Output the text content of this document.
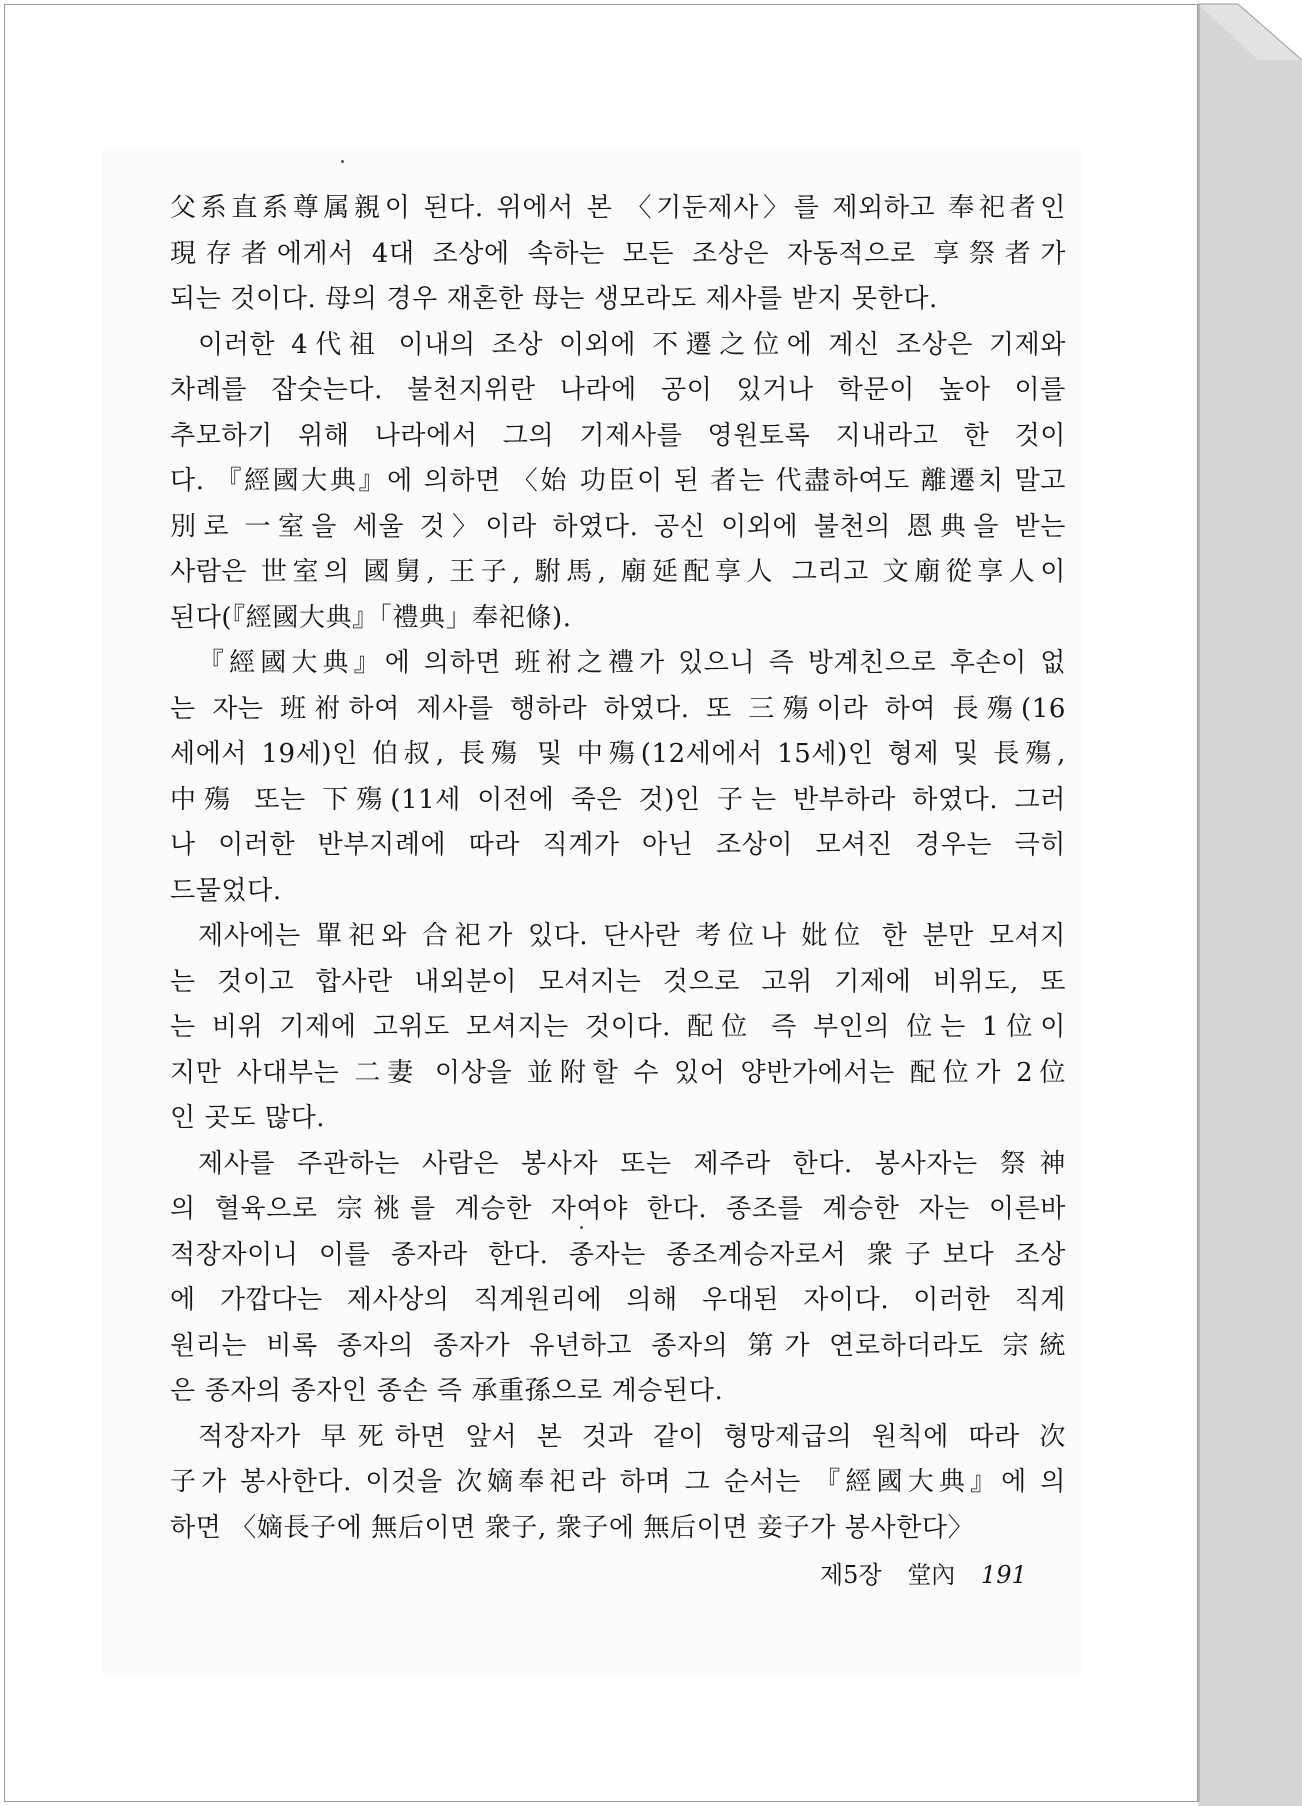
父系直系尊属親이 된다. 위에서 본 〈기둔제사〉를 제외하고 奉祀者인
現存者에게서 4대 조상에 속하는 모든 조상은 자동적으로 享祭者가
되는 것이다. 母의 경우 재혼한 母는 생모라도 제사를 받지 못한다.
이러한 4代祖 이내의 조상 이외에 不遷之位에 계신 조상은 기제와
차례를 잡숫는다. 불천지위란 나라에 공이 있거나 학문이 높아 이를
추모하기 위해 나라에서 그의 기제사를 영원토록 지내라고 한 것이
다. 『經國大典』에 의하면 〈始 功臣이 된 者는 代盡하여도 離遷치 말고
別로 一室을 세울 것〉이라 하였다. 공신 이외에 불천의 恩典을 받는
사람은 世室의 國舅, 王子, 駙馬, 廟延配享人 그리고 文廟從享人이
된다(『經國大典』「禮典」奉祀條).
『經國大典』에 의하면 班祔之禮가 있으니 즉 방계친으로 후손이 없
는 자는 班祔하여 제사를 행하라 하였다. 또 三殤이라 하여 長殤(16
세에서 19세)인 伯叔, 長殤 및 中殤(12세에서 15세)인 형제 및 長殤,
中殤 또는 下殤(11세 이전에 죽은 것)인 子는 반부하라 하였다. 그러
나 이러한 반부지례에 따라 직계가 아닌 조상이 모셔진 경우는 극히
드물었다.
제사에는 單祀와 合祀가 있다. 단사란 考位나 妣位 한 분만 모셔지
는 것이고 합사란 내외분이 모셔지는 것으로 고위 기제에 비위도, 또
는 비위 기제에 고위도 모셔지는 것이다. 配位 즉 부인의 位는 1位이
지만 사대부는 二妻 이상을 並附할 수 있어 양반가에서는 配位가 2位
인 곳도 많다.
제사를 주관하는 사람은 봉사자 또는 제주라 한다. 봉사자는 祭神
의 혈육으로 宗祧를 계승한 자여야 한다. 종조를 계승한 자는 이른바
적장자이니 이를 종자라 한다. 종자는 종조계승자로서 衆子보다 조상
에 가깝다는 제사상의 직계원리에 의해 우대된 자이다. 이러한 직계
원리는 비록 종자의 종자가 유년하고 종자의 第가 연로하더라도 宗統
은 종자의 종자인 종손 즉 承重孫으로 계승된다.
적장자가 早死하면 앞서 본 것과 같이 형망제급의 원칙에 따라 次
子가 봉사한다. 이것을 次嫡奉祀라 하며 그 순서는 『經國大典』에 의
하면 〈嫡長子에 無后이면 衆子, 衆子에 無后이면 妾子가 봉사한다〉
제5장 堂內 191
